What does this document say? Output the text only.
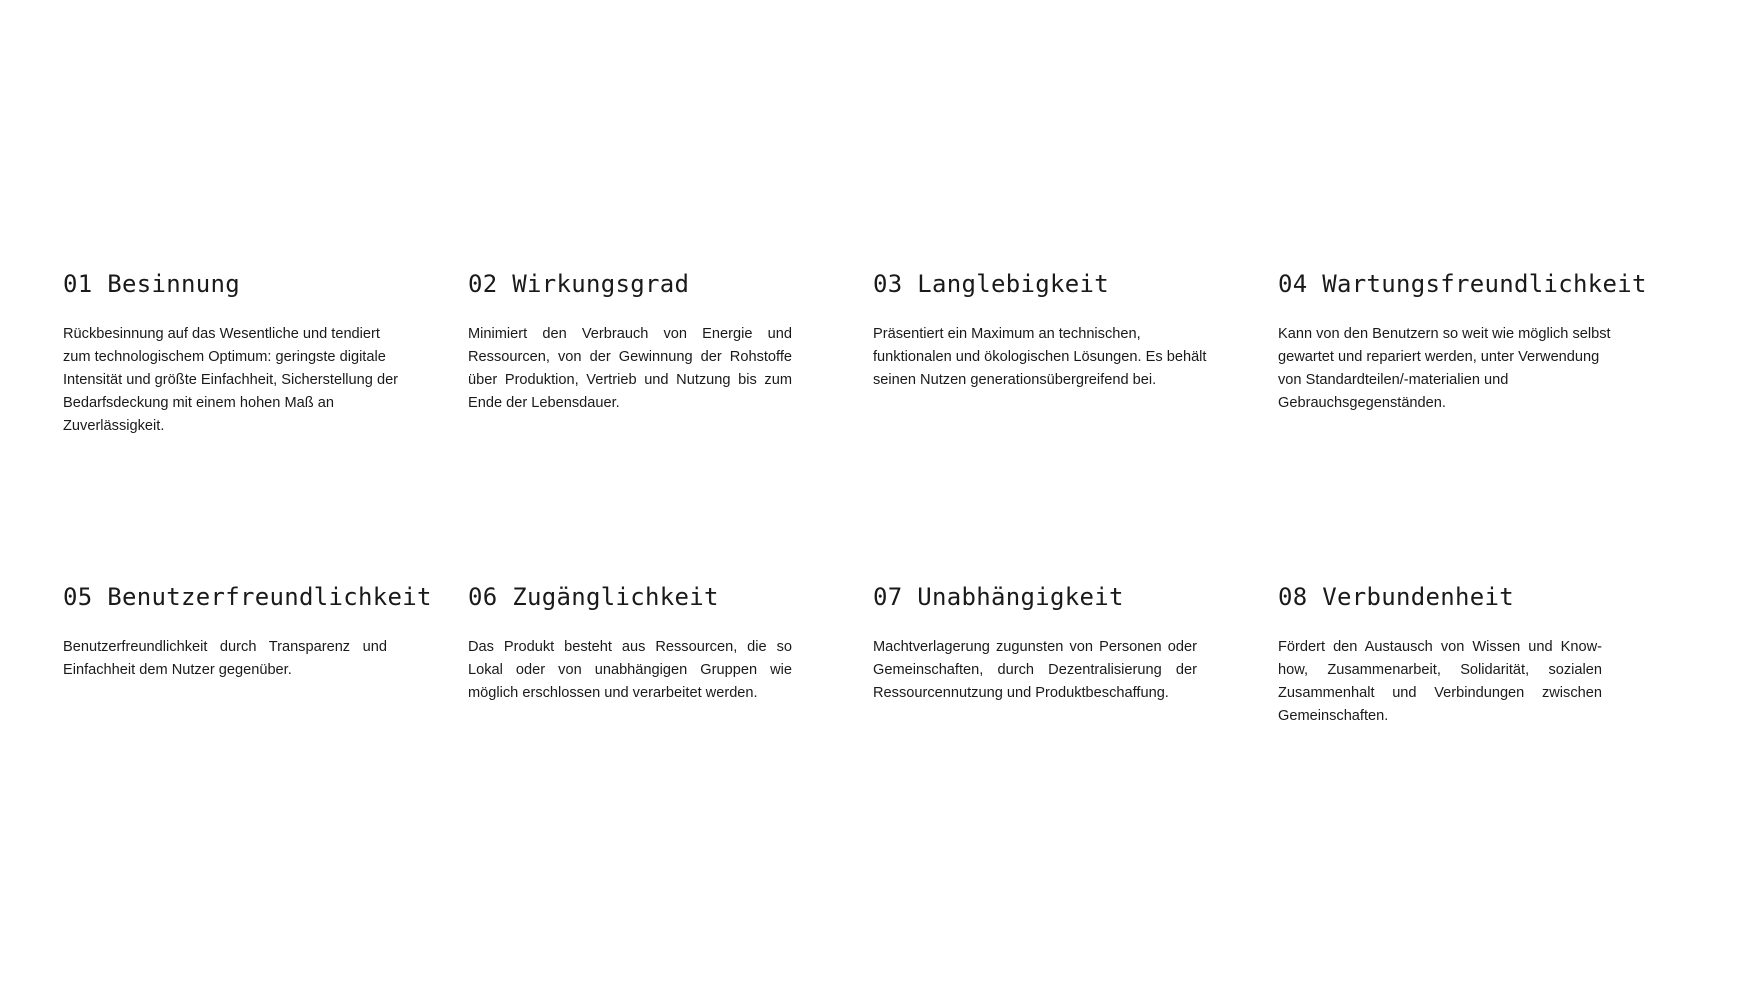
01 Besinnung

Rückbesinnung auf das Wesentliche und tendiert zum technologischem Optimum: geringste digitale Intensität und größte Einfachheit, Sicherstellung der Bedarfsdeckung mit einem hohen Maß an Zuverlässigkeit.

02 Wirkungsgrad

Minimiert den Verbrauch von Energie und Ressourcen, von der Gewinnung der Rohstoffe über Produktion, Vertrieb und Nutzung bis zum Ende der Lebensdauer.

03 Langlebigkeit

Präsentiert ein Maximum an technischen, funktionalen und ökologischen Lösungen. Es behält seinen Nutzen generationsübergreifend bei.

04 Wartungsfreundlichkeit

Kann von den Benutzern so weit wie möglich selbst gewartet und repariert werden, unter Verwendung von Standardteilen/-materialien und Gebrauchsgegenständen.

05 Benutzerfreundlichkeit

Benutzerfreundlichkeit durch Transparenz und Einfachheit dem Nutzer gegenüber.

06 Zugänglichkeit

Das Produkt besteht aus Ressourcen, die so Lokal oder von unabhängigen Gruppen wie möglich erschlossen und verarbeitet werden.

07 Unabhängigkeit

Machtverlagerung zugunsten von Personen oder Gemeinschaften, durch Dezentralisierung der Ressourcennutzung und Produktbeschaffung.

08 Verbundenheit

Fördert den Austausch von Wissen und Know-how, Zusammenarbeit, Solidarität, sozialen Zusammenhalt und Verbindungen zwischen Gemeinschaften.
